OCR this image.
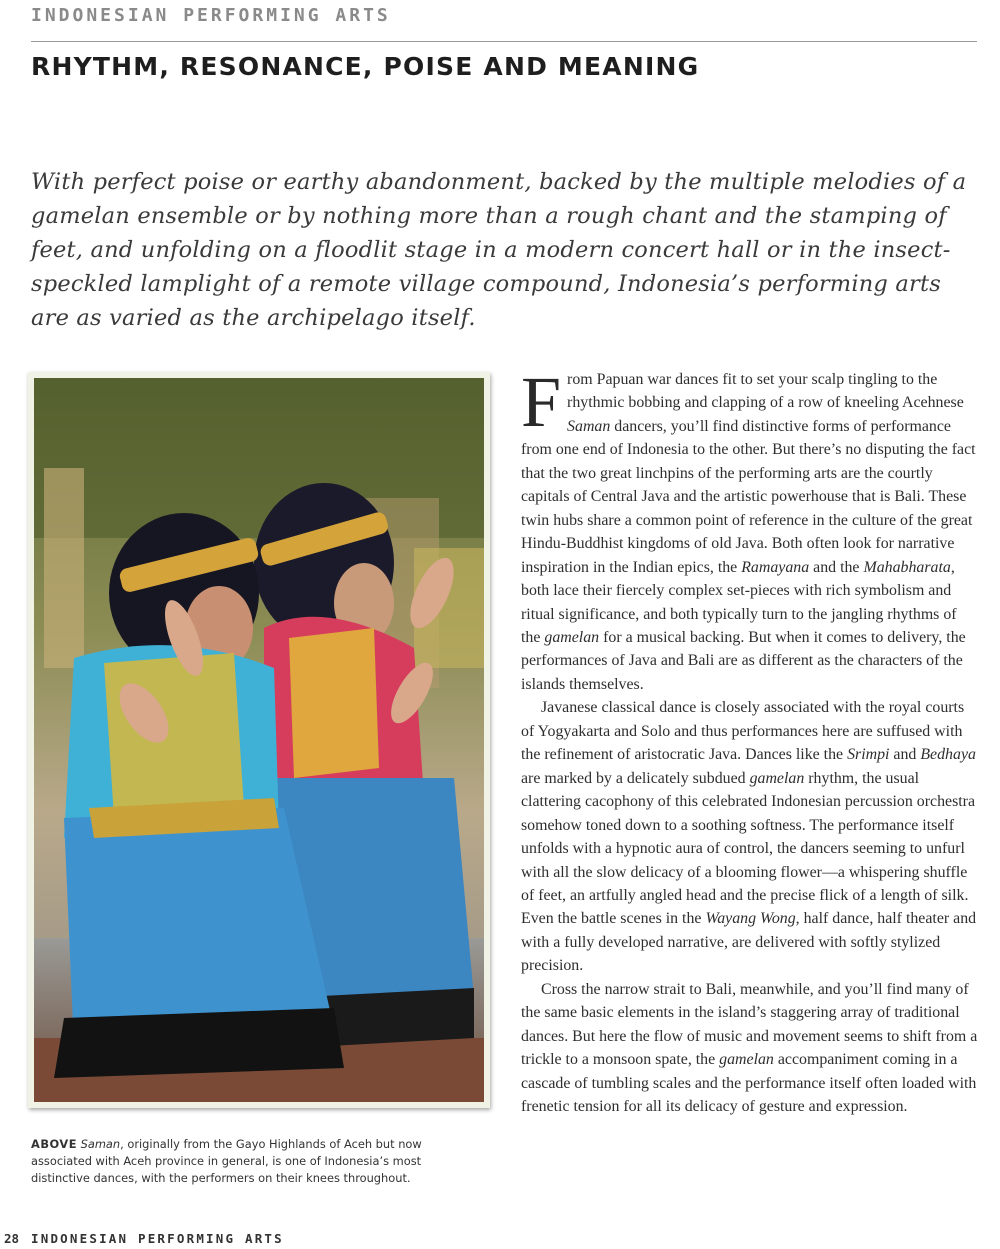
INDONESIAN PERFORMING ARTS
RHYTHM, RESONANCE, POISE AND MEANING

With perfect poise or earthy abandonment, backed by the multiple melodies of a gamelan ensemble or by nothing more than a rough chant and the stamping of feet, and unfolding on a floodlit stage in a modern concert hall or in the insect-speckled lamplight of a remote village compound, Indonesia’s performing arts are as varied as the archipelago itself.

ABOVE Saman, originally from the Gayo Highlands of Aceh but now associated with Aceh province in general, is one of Indonesia’s most distinctive dances, with the performers on their knees throughout.

From Papuan war dances fit to set your scalp tingling to the rhythmic bobbing and clapping of a row of kneeling Acehnese Saman dancers, you’ll find distinctive forms of performance from one end of Indonesia to the other. But there’s no disputing the fact that the two great linchpins of the performing arts are the courtly capitals of Central Java and the artistic powerhouse that is Bali. These twin hubs share a common point of reference in the culture of the great Hindu-Buddhist kingdoms of old Java. Both often look for narrative inspiration in the Indian epics, the Ramayana and the Mahabharata, both lace their fiercely complex set-pieces with rich symbolism and ritual significance, and both typically turn to the jangling rhythms of the gamelan for a musical backing. But when it comes to delivery, the performances of Java and Bali are as different as the characters of the islands themselves.

Javanese classical dance is closely associated with the royal courts of Yogyakarta and Solo and thus performances here are suffused with the refinement of aristocratic Java. Dances like the Srimpi and Bedhaya are marked by a delicately subdued gamelan rhythm, the usual clattering cacophony of this celebrated Indonesian percussion orchestra somehow toned down to a soothing softness. The performance itself unfolds with a hypnotic aura of control, the dancers seeming to unfurl with all the slow delicacy of a blooming flower—a whispering shuffle of feet, an artfully angled head and the precise flick of a length of silk. Even the battle scenes in the Wayang Wong, half dance, half theater and with a fully developed narrative, are delivered with softly stylized precision.

Cross the narrow strait to Bali, meanwhile, and you’ll find many of the same basic elements in the island’s staggering array of traditional dances. But here the flow of music and movement seems to shift from a trickle to a monsoon spate, the gamelan accompaniment coming in a cascade of tumbling scales and the performance itself often loaded with frenetic tension for all its delicacy of gesture and expression.

28 INDONESIAN PERFORMING ARTS
